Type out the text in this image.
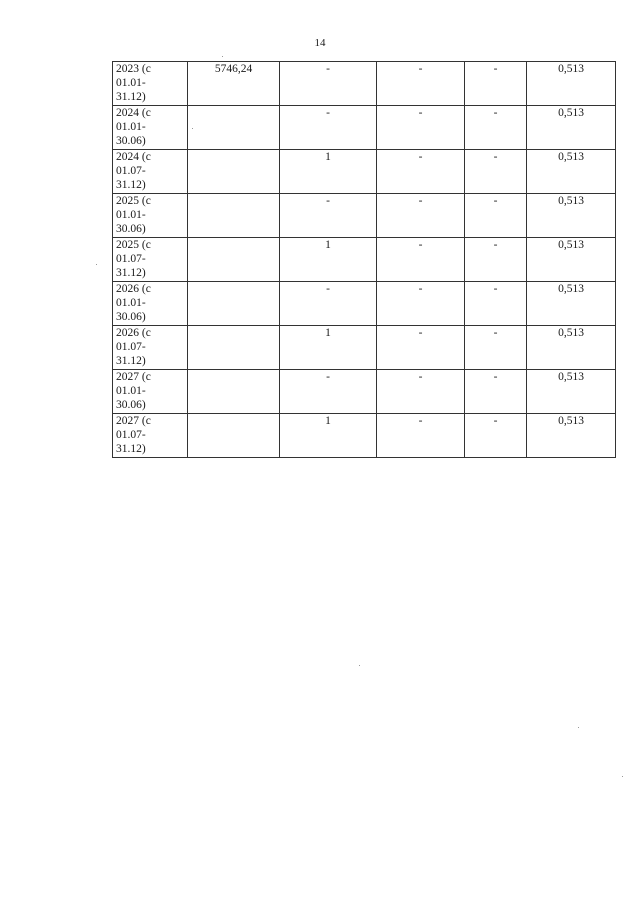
14
2023 (с
01.01-
31.12)	5746,24	-	-	-	0,513
2024 (с
01.01-
30.06)		-	-	-	0,513
2024 (с
01.07-
31.12)		1	-	-	0,513
2025 (с
01.01-
30.06)		-	-	-	0,513
2025 (с
01.07-
31.12)		1	-	-	0,513
2026 (с
01.01-
30.06)		-	-	-	0,513
2026 (с
01.07-
31.12)		1	-	-	0,513
2027 (с
01.01-
30.06)		-	-	-	0,513
2027 (с
01.07-
31.12)		1	-	-	0,513
